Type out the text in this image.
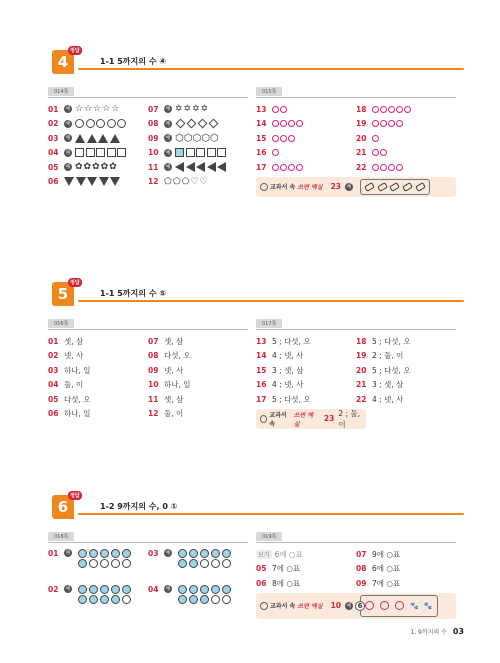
4
정답
1-1 5까지의 수 ④
014쪽
01	예 ☆☆☆☆☆
02	예
03	예
04	예
05	예 ✿✿✿✿✿
06
07	예 ✡✡✡✡
08	예
09	예 ⬡⬡⬡⬡⬡
10	예
11	예
12 ⬠⬠⬠♡♡
015쪽
13
14
15
16
17
18
19
20
21
22
교과서 속 쓰면 엑실 23	예
5
정답
1-1 5까지의 수 ⑤
016쪽
01 셋, 삼
02 넷, 사
03 하나, 일
04 둘, 이
05 다섯, 오
06 하나, 일
07 셋, 삼
08 다섯, 오
09 넷, 사
10 하나, 일
11 셋, 삼
12 둘, 이
017쪽
13 5 ; 다섯, 오
14 4 ; 넷, 사
15 3 ; 셋, 삼
16 4 ; 넷, 사
17 5 ; 다섯, 오
18 5 ; 다섯, 오
19 2 ; 둘, 이
20 5 ; 다섯, 오
21 3 ; 셋, 삼
22 4 ; 넷, 사
교과서 속
쓰면 엑실
23
2 ; 둘, 이
6
정답
1-2 9까지의 수, 0 ①
018쪽
01	예
02	예
03	예
04	예
019쪽
보기 6에 ○표
05 7에 ○표
06 8에 ○표
07 9에 ○표
08 6에 ○표
09 7에 ○표
교과서 속 쓰면 엑실 10	예 6	🐾 🐾
1. 9까지의 수 03
